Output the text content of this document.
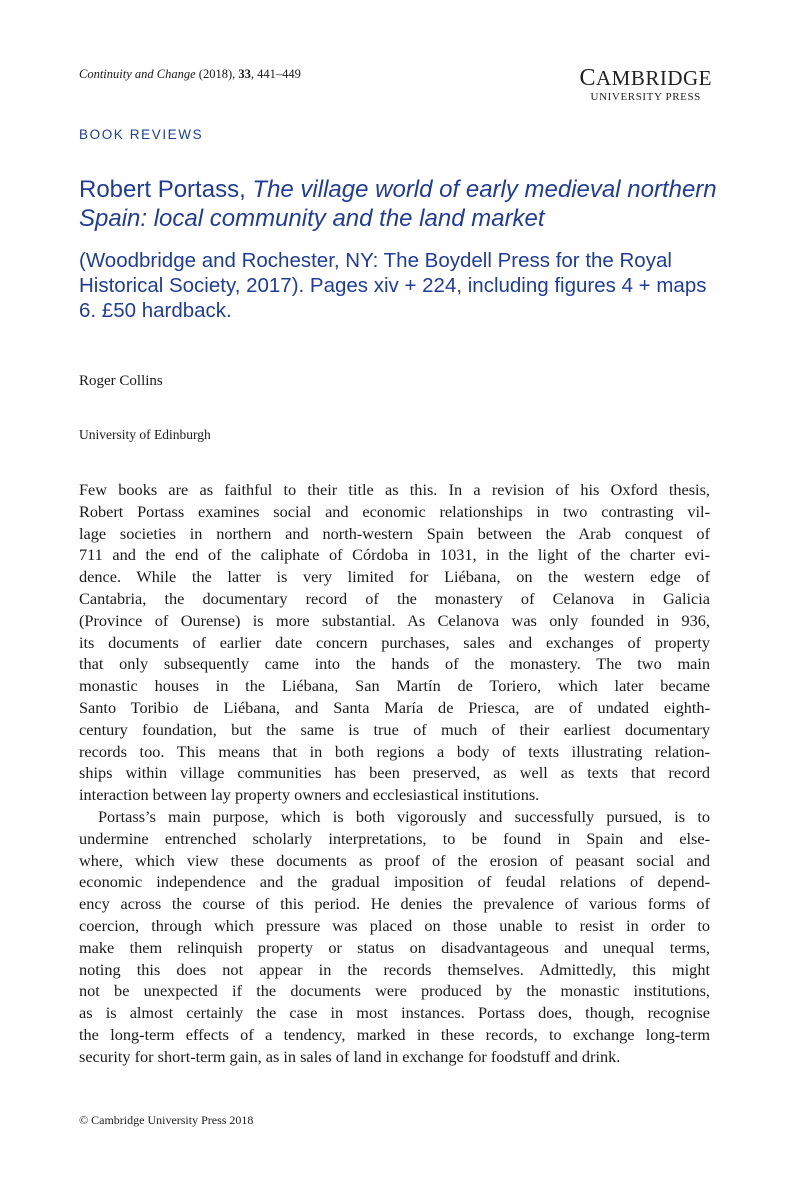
Continuity and Change (2018), 33, 441–449	CAMBRIDGE
UNIVERSITY PRESS
BOOK REVIEWS
Robert Portass, The village world of early medieval northern Spain: local community and the land market
(Woodbridge and Rochester, NY: The Boydell Press for the Royal Historical Society, 2017). Pages xiv + 224, including figures 4 + maps 6. £50 hardback.
Roger Collins
University of Edinburgh
Few books are as faithful to their title as this. In a revision of his Oxford thesis,
Robert Portass examines social and economic relationships in two contrasting vil-
lage societies in northern and north-western Spain between the Arab conquest of
711 and the end of the caliphate of Córdoba in 1031, in the light of the charter evi-
dence. While the latter is very limited for Liébana, on the western edge of
Cantabria, the documentary record of the monastery of Celanova in Galicia
(Province of Ourense) is more substantial. As Celanova was only founded in 936,
its documents of earlier date concern purchases, sales and exchanges of property
that only subsequently came into the hands of the monastery. The two main
monastic houses in the Liébana, San Martín de Toriero, which later became
Santo Toribio de Liébana, and Santa María de Priesca, are of undated eighth-
century foundation, but the same is true of much of their earliest documentary
records too. This means that in both regions a body of texts illustrating relation-
ships within village communities has been preserved, as well as texts that record
interaction between lay property owners and ecclesiastical institutions.
Portass’s main purpose, which is both vigorously and successfully pursued, is to
undermine entrenched scholarly interpretations, to be found in Spain and else-
where, which view these documents as proof of the erosion of peasant social and
economic independence and the gradual imposition of feudal relations of depend-
ency across the course of this period. He denies the prevalence of various forms of
coercion, through which pressure was placed on those unable to resist in order to
make them relinquish property or status on disadvantageous and unequal terms,
noting this does not appear in the records themselves. Admittedly, this might
not be unexpected if the documents were produced by the monastic institutions,
as is almost certainly the case in most instances. Portass does, though, recognise
the long-term effects of a tendency, marked in these records, to exchange long-term
security for short-term gain, as in sales of land in exchange for foodstuff and drink.
© Cambridge University Press 2018
